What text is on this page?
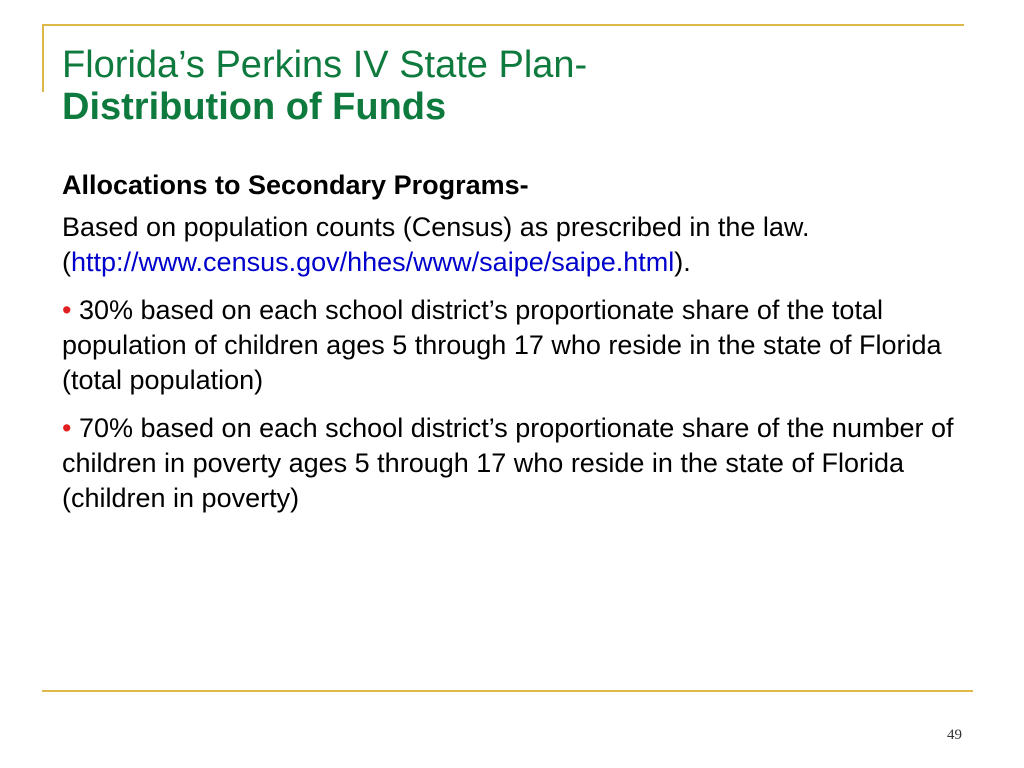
Florida’s Perkins IV State Plan-
Distribution of Funds

Allocations to Secondary Programs-

Based on population counts (Census) as prescribed in the law.
(http://www.census.gov/hhes/www/saipe/saipe.html).

• 30% based on each school district’s proportionate share of the total population of children ages 5 through 17 who reside in the state of Florida (total population)

• 70% based on each school district’s proportionate share of the number of children in poverty ages 5 through 17 who reside in the state of Florida (children in poverty)

49
